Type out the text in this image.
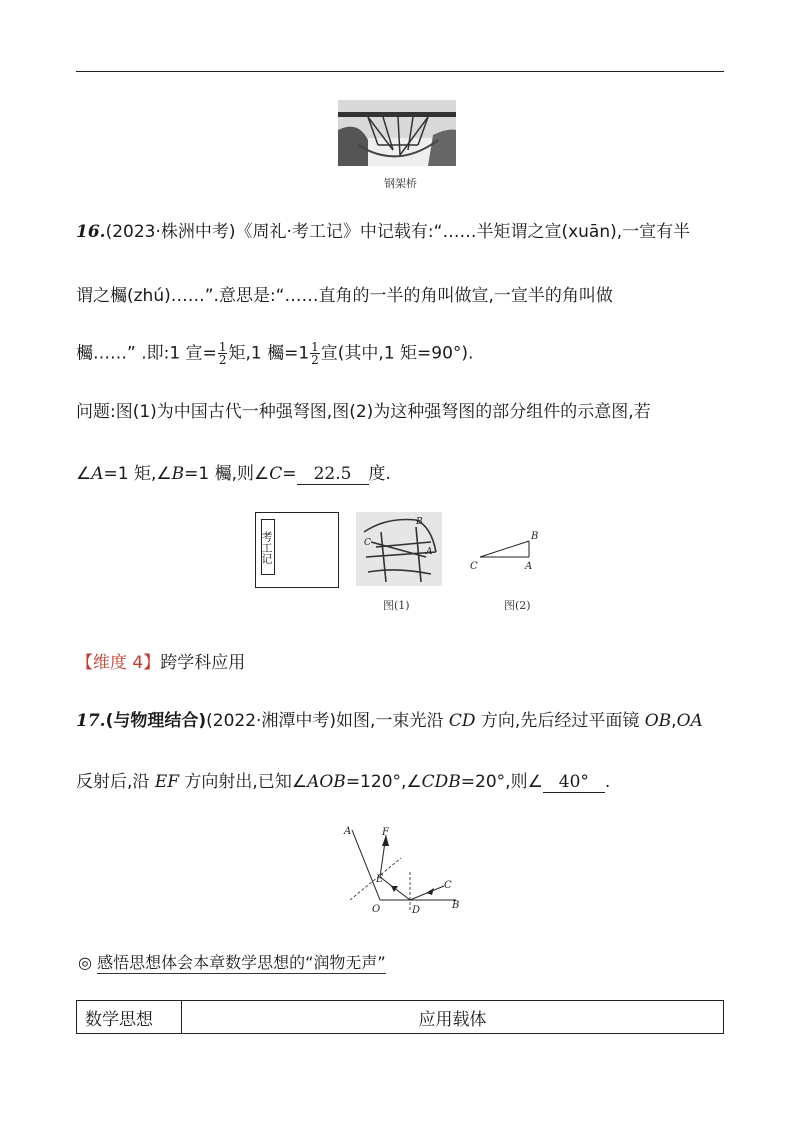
钢架桥
16.(2023·株洲中考)《周礼·考工记》中记载有:“……半矩谓之宣(xuān),一宣有半
谓之欘(zhú)……”.意思是:“……直角的一半的角叫做宣,一宣半的角叫做
欘……” .即:1 宣= $\frac{1}{2}$ 矩,1 欘$=1 \frac{1}{2}$ 宣(其中,1 矩=90°).
问题:图(1)为中国古代一种强弩图,图(2)为这种强弩图的部分组件的示意图,若
∠A=1 矩,∠B=1 欘,则∠C= 22.5 度.
考工记
B
C
A
图(1)
B
C	A
图(2)
【维度 4】跨学科应用
17.(与物理结合)(2022·湘潭中考)如图,一束光沿 CD 方向,先后经过平面镜 OB,OA
反射后,沿 EF 方向射出,已知∠AOB=120°,∠CDB=20°,则∠ 40° .
A	F
E
C
O	D	B
◎ 感悟思想体会本章数学思想的“润物无声”
数学思想	应用载体
